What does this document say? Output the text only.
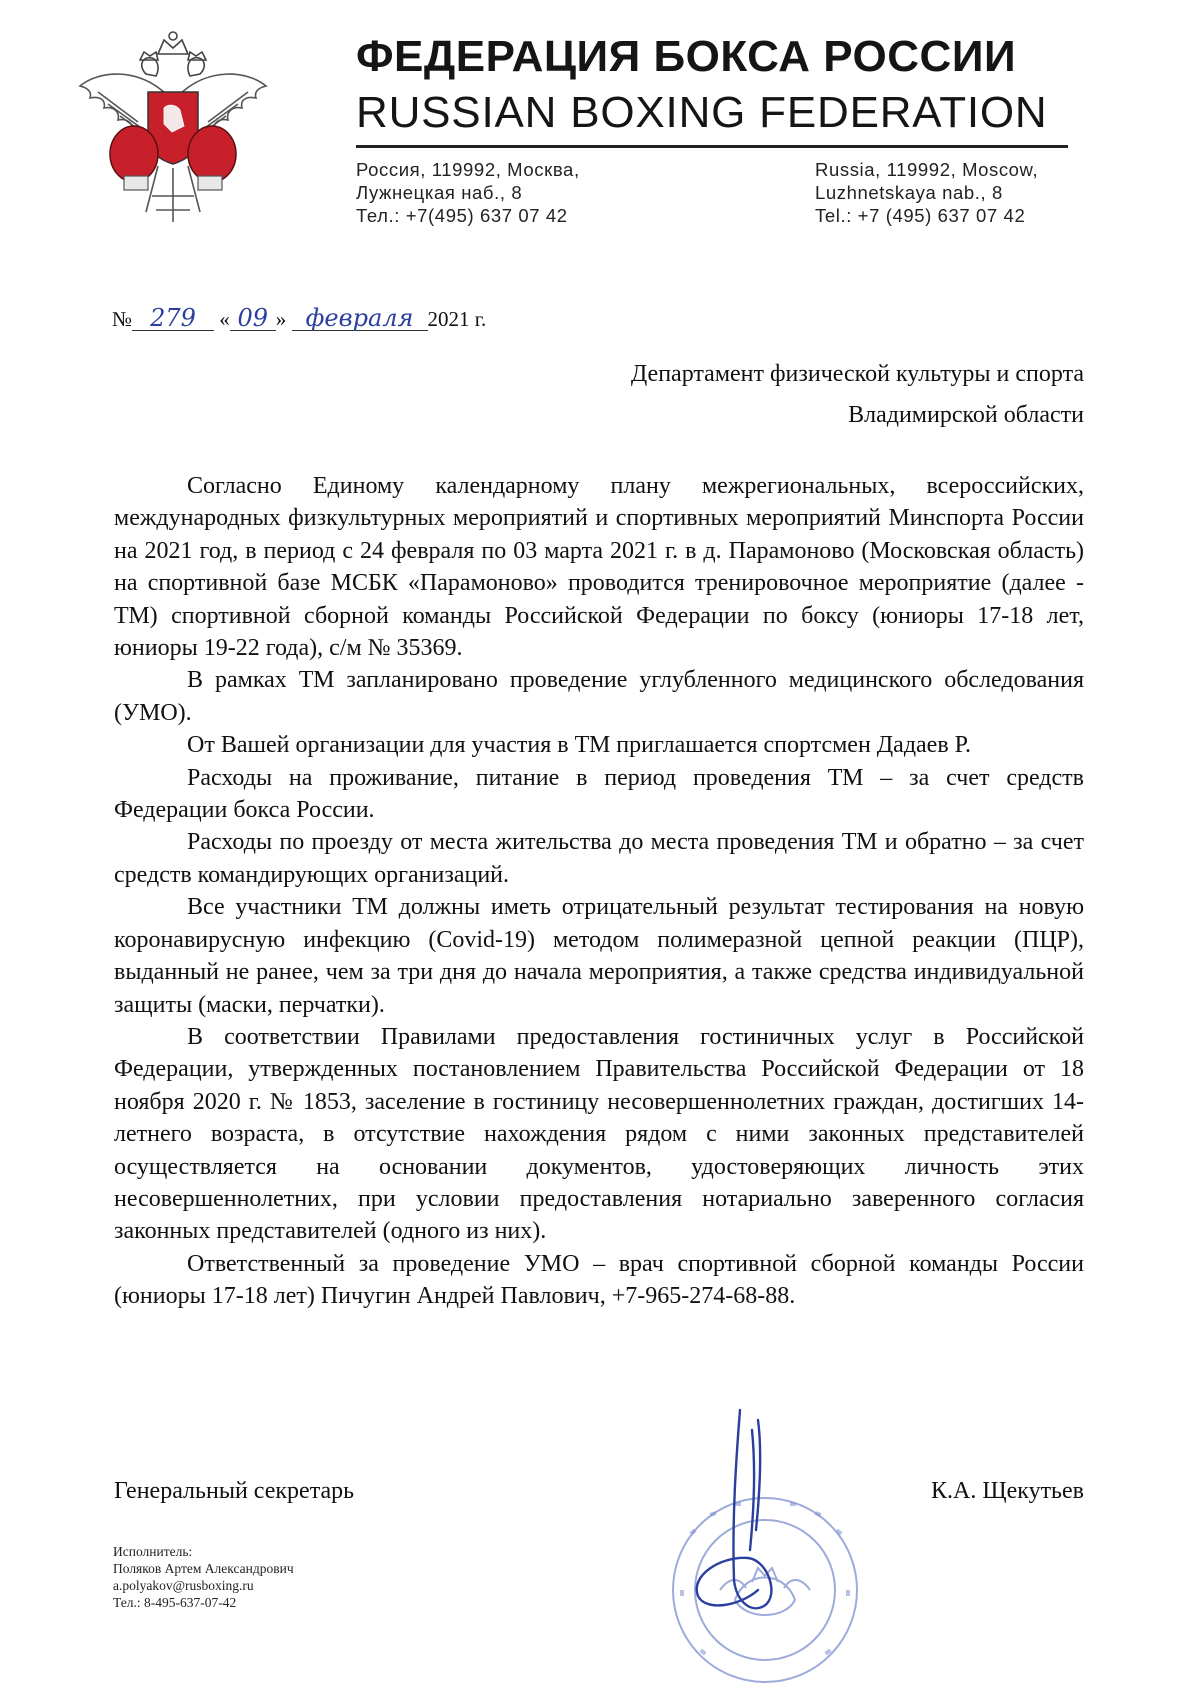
ФЕДЕРАЦИЯ БОКСА РОССИИ
RUSSIAN BOXING FEDERATION
Россия, 119992, Москва,
Лужнецкая наб., 8
Тел.: +7(495) 637 07 42
Russia, 119992, Moscow,
Luzhnetskaya nab., 8
Tel.: +7 (495) 637 07 42
№ 279 « 09 » февраля 2021 г.
Департамент физической культуры и спорта
Владимирской области

Согласно Единому календарному плану межрегиональных, всероссийских, международных физкультурных мероприятий и спортивных мероприятий Минспорта России на 2021 год, в период с 24 февраля по 03 марта 2021 г. в д. Парамоново (Московская область) на спортивной базе МСБК «Парамоново» проводится тренировочное мероприятие (далее - ТМ) спортивной сборной команды Российской Федерации по боксу (юниоры 17-18 лет, юниоры 19-22 года), с/м № 35369.

В рамках ТМ запланировано проведение углубленного медицинского обследования (УМО).

От Вашей организации для участия в ТМ приглашается спортсмен Дадаев Р.

Расходы на проживание, питание в период проведения ТМ – за счет средств Федерации бокса России.

Расходы по проезду от места жительства до места проведения ТМ и обратно – за счет средств командирующих организаций.

Все участники ТМ должны иметь отрицательный результат тестирования на новую коронавирусную инфекцию (Covid-19) методом полимеразной цепной реакции (ПЦР), выданный не ранее, чем за три дня до начала мероприятия, а также средства индивидуальной защиты (маски, перчатки).

В соответствии Правилами предоставления гостиничных услуг в Российской Федерации, утвержденных постановлением Правительства Российской Федерации от 18 ноября 2020 г. № 1853, заселение в гостиницу несовершеннолетних граждан, достигших 14-летнего возраста, в отсутствие нахождения рядом с ними законных представителей осуществляется на основании документов, удостоверяющих личность этих несовершеннолетних, при условии предоставления нотариально заверенного согласия законных представителей (одного из них).

Ответственный за проведение УМО – врач спортивной сборной команды России (юниоры 17-18 лет) Пичугин Андрей Павлович, +7-965-274-68-88.

Генеральный секретарь	К.А. Щекутьев
Исполнитель:
Поляков Артем Александрович
a.polyakov@rusboxing.ru
Тел.: 8-495-637-07-42
